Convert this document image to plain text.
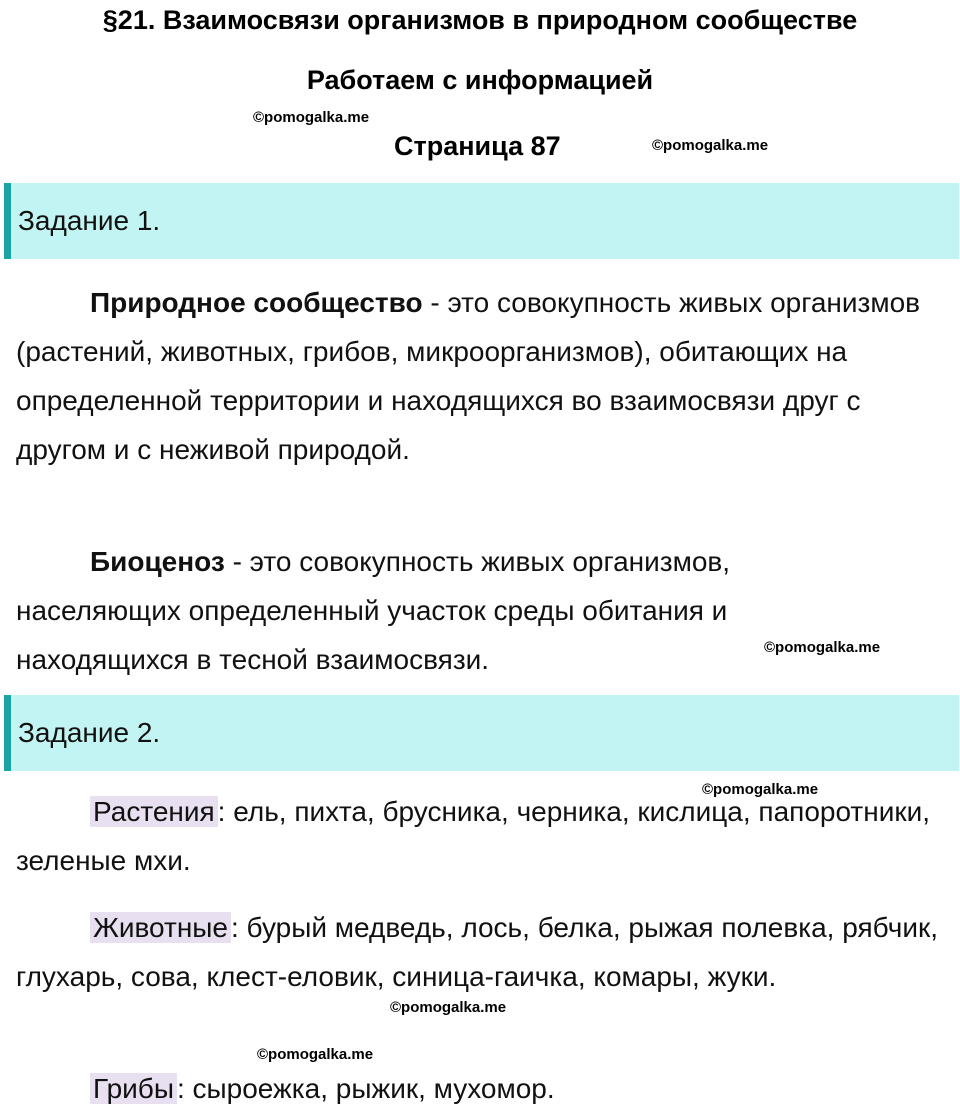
§21. Взаимосвязи организмов в природном сообществе
Работаем с информацией
©pomogalka.me
Страница 87	©pomogalka.me
Задание 1.
Природное сообщество - это совокупность живых организмов (растений, животных, грибов, микроорганизмов), обитающих на определенной территории и находящихся во взаимосвязи друг с другом и с неживой природой.
Биоценоз - это совокупность живых организмов, населяющих определенный участок среды обитания и находящихся в тесной взаимосвязи.	©pomogalka.me
Задание 2.
©pomogalka.me
Растения : ель, пихта, брусника, черника, кислица, папоротники, зеленые мхи.
Животные : бурый медведь, лось, белка, рыжая полевка, рябчик, глухарь, сова, клест-еловик, синица-гаичка, комары, жуки.
©pomogalka.me
©pomogalka.me
Грибы : сыроежка, рыжик, мухомор.
